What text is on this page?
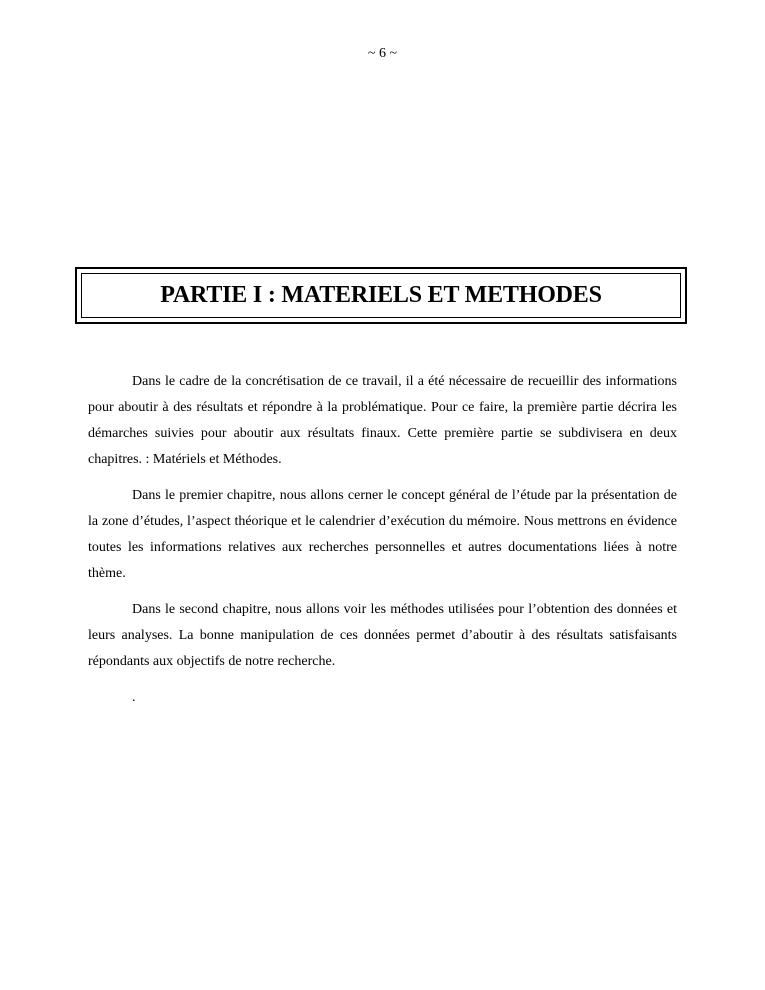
~ 6 ~
PARTIE I : MATERIELS ET METHODES

Dans le cadre de la concrétisation de ce travail, il a été nécessaire de recueillir des informations pour aboutir à des résultats et répondre à la problématique. Pour ce faire, la première partie décrira les démarches suivies pour aboutir aux résultats finaux. Cette première partie se subdivisera en deux chapitres. : Matériels et Méthodes.

Dans le premier chapitre, nous allons cerner le concept général de l’étude par la présentation de la zone d’études, l’aspect théorique et le calendrier d’exécution du mémoire. Nous mettrons en évidence toutes les informations relatives aux recherches personnelles et autres documentations liées à notre thème.

Dans le second chapitre, nous allons voir les méthodes utilisées pour l’obtention des données et leurs analyses. La bonne manipulation de ces données permet d’aboutir à des résultats satisfaisants répondants aux objectifs de notre recherche.

.
